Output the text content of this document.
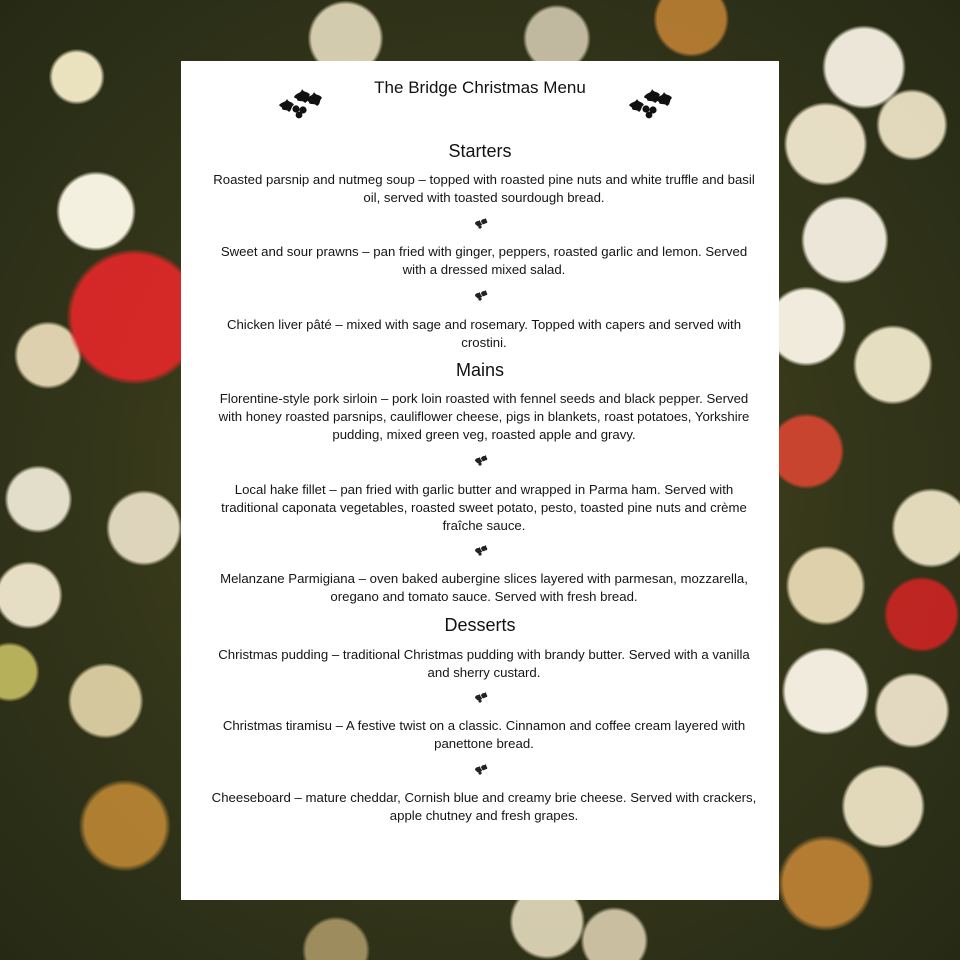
The Bridge Christmas Menu
Starters
Roasted parsnip and nutmeg soup – topped with roasted pine nuts and white truffle and basil oil, served with toasted sourdough bread.
Sweet and sour prawns – pan fried with ginger, peppers, roasted garlic and lemon. Served with a dressed mixed salad.
Chicken liver pâté – mixed with sage and rosemary. Topped with capers and served with crostini.
Mains
Florentine-style pork sirloin – pork loin roasted with fennel seeds and black pepper. Served with honey roasted parsnips, cauliflower cheese, pigs in blankets, roast potatoes, Yorkshire pudding, mixed green veg, roasted apple and gravy.
Local hake fillet – pan fried with garlic butter and wrapped in Parma ham. Served with traditional caponata vegetables, roasted sweet potato, pesto, toasted pine nuts and crème fraîche sauce.
Melanzane Parmigiana – oven baked aubergine slices layered with parmesan, mozzarella, oregano and tomato sauce. Served with fresh bread.
Desserts
Christmas pudding – traditional Christmas pudding with brandy butter. Served with a vanilla and sherry custard.
Christmas tiramisu – A festive twist on a classic. Cinnamon and coffee cream layered with panettone bread.
Cheeseboard – mature cheddar, Cornish blue and creamy brie cheese. Served with crackers, apple chutney and fresh grapes.
